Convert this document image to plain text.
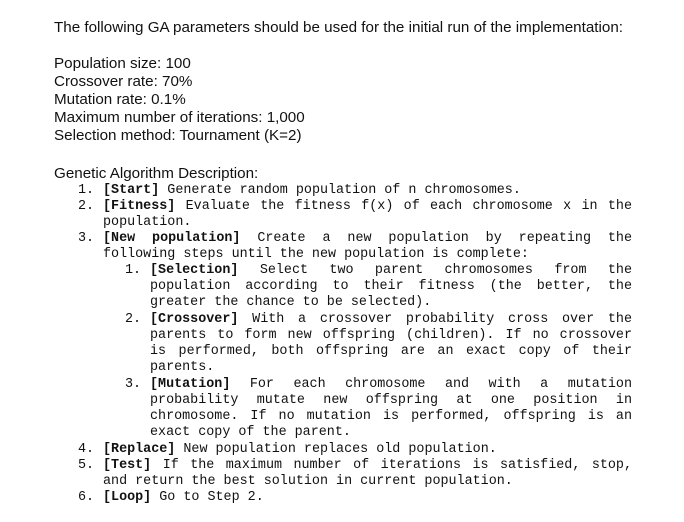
The following GA parameters should be used for the initial run of the implementation:
Population size: 100
Crossover rate: 70%
Mutation rate: 0.1%
Maximum number of iterations: 1,000
Selection method: Tournament (K=2)
Genetic Algorithm Description:
1. [Start] Generate random population of n chromosomes.
2. [Fitness] Evaluate the fitness f(x) of each chromosome x in the population.
3. [New population] Create a new population by repeating the following steps until the new population is complete:
1. [Selection] Select two parent chromosomes from the population according to their fitness (the better, the greater the chance to be selected).
2. [Crossover] With a crossover probability cross over the parents to form new offspring (children). If no crossover is performed, both offspring are an exact copy of their parents.
3. [Mutation] For each chromosome and with a mutation probability mutate new offspring at one position in chromosome. If no mutation is performed, offspring is an exact copy of the parent.
4. [Replace] New population replaces old population.
5. [Test] If the maximum number of iterations is satisfied, stop, and return the best solution in current population.
6. [Loop] Go to Step 2.
